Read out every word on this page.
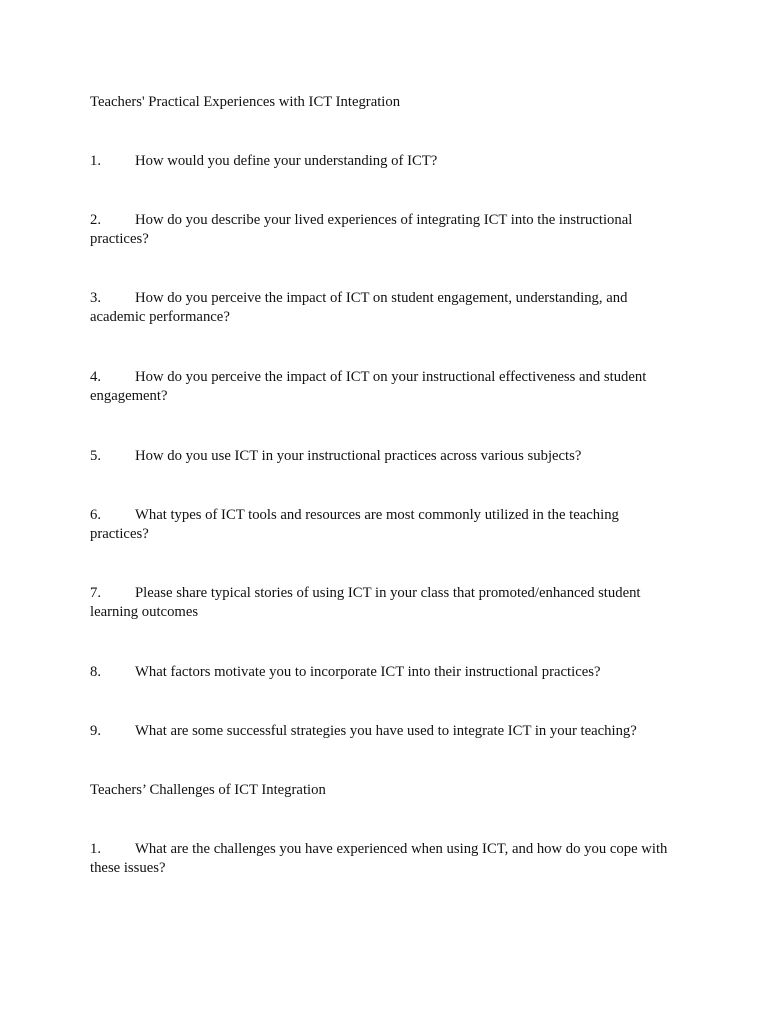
Teachers' Practical Experiences with ICT Integration
1. How would you define your understanding of ICT?
2. How do you describe your lived experiences of integrating ICT into the instructional practices?
3. How do you perceive the impact of ICT on student engagement, understanding, and academic performance?
4. How do you perceive the impact of ICT on your instructional effectiveness and student engagement?
5. How do you use ICT in your instructional practices across various subjects?
6. What types of ICT tools and resources are most commonly utilized in the teaching practices?
7. Please share typical stories of using ICT in your class that promoted/enhanced student learning outcomes
8. What factors motivate you to incorporate ICT into their instructional practices?
9. What are some successful strategies you have used to integrate ICT in your teaching?
Teachers’ Challenges of ICT Integration
1. What are the challenges you have experienced when using ICT, and how do you cope with these issues?
